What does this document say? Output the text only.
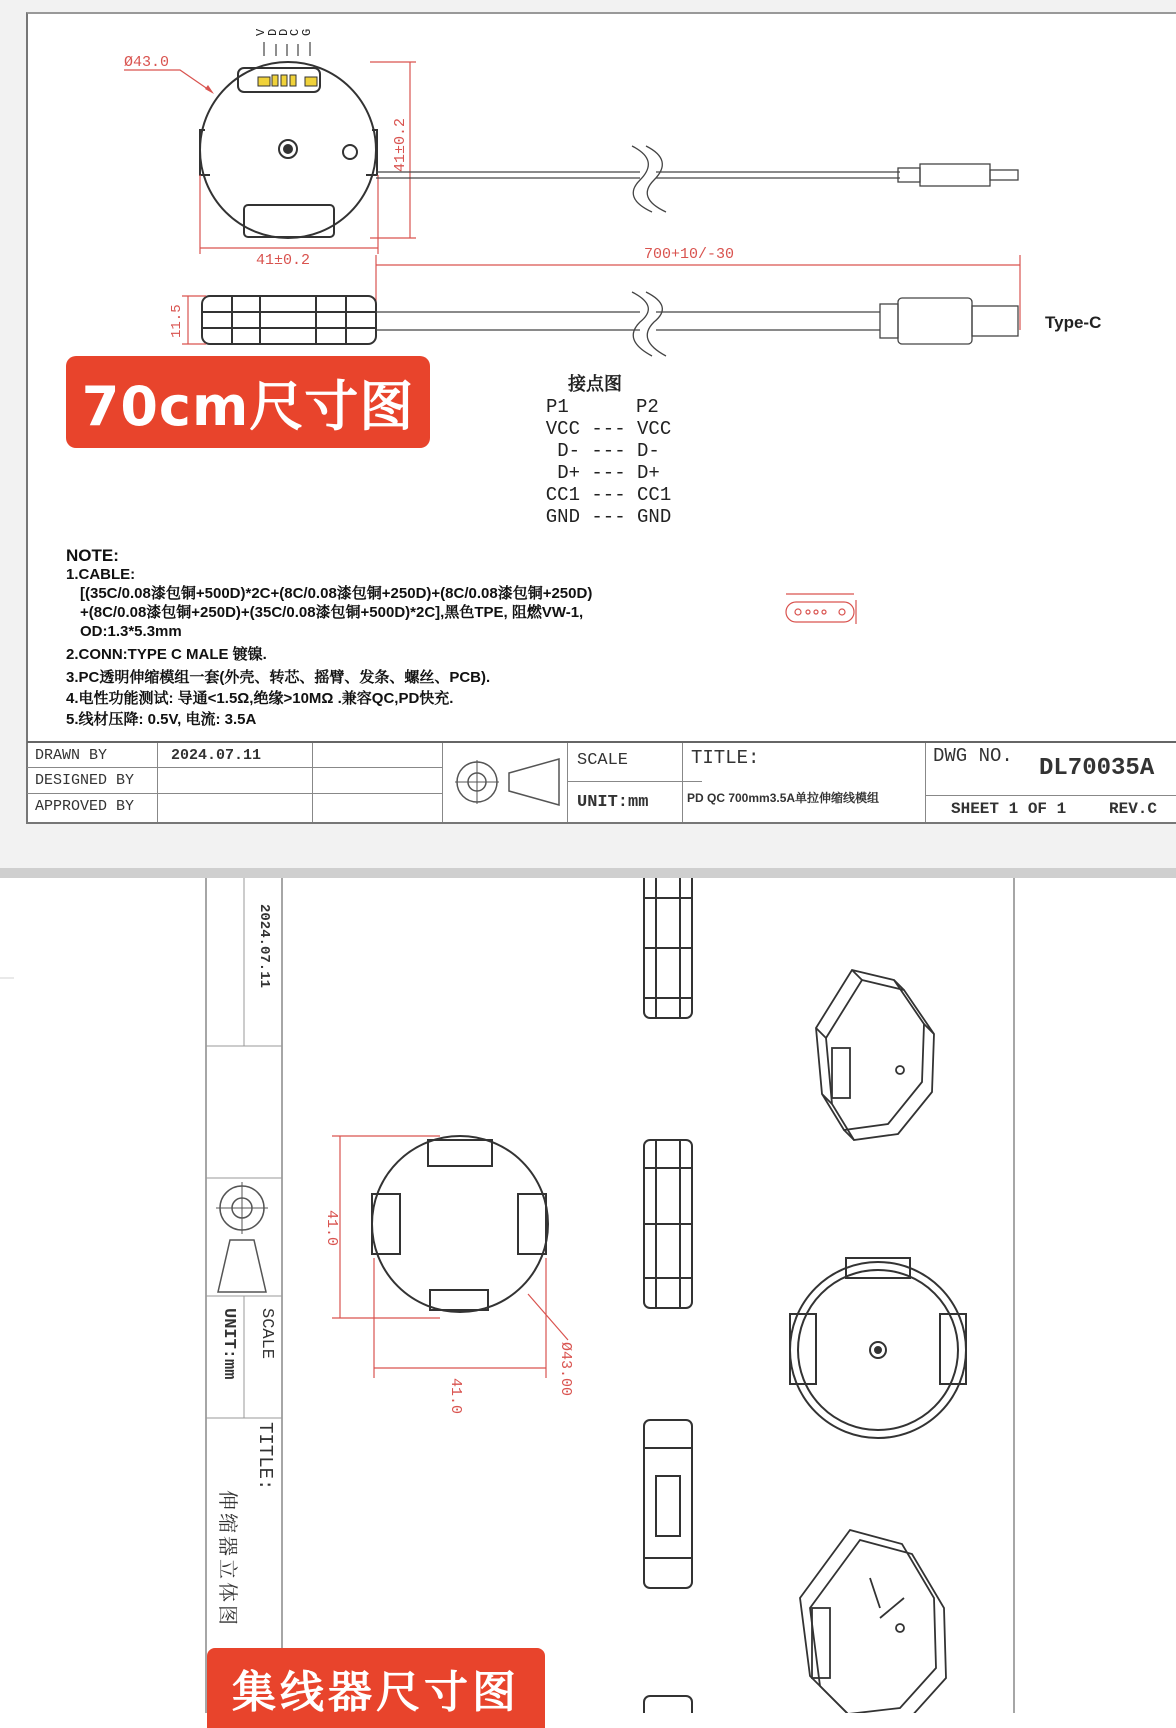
V
D
D
C
G
Ø43.0
41±0.2
41±0.2	700+10/-30
11.5	Type-C
70cm尺寸图	接点图
P1	P2
VCC --- VCC
D- --- D-
D+ --- D+
CC1 --- CC1
GND --- GND
NOTE:
1.CABLE:
[(35C/0.08漆包铜+500D)*2C+(8C/0.08漆包铜+250D)+(8C/0.08漆包铜+250D)
+(8C/0.08漆包铜+250D)+(35C/0.08漆包铜+500D)*2C],黑色TPE, 阻燃VW-1,
OD:1.3*5.3mm
2.CONN:TYPE C MALE 镀镍.
3.PC透明伸缩模组一套(外壳、转芯、摇臂、发条、螺丝、PCB).
4.电性功能测试: 导通<1.5Ω,绝缘>10MΩ .兼容QC,PD快充.
5.线材压降: 0.5V, 电流: 3.5A
DRAWN BY	2024.07.11
DESIGNED BY
APPROVED BY
SCALE
UNIT:mm
TITLE:
PD QC 700mm3.5A单拉伸缩线模组
DWG NO. DL70035A
SHEET 1 OF 1	REV.C
41.0
41.0	Ø43.00
2024.07.11
SCALE
UNIT:mm
TITLE:
伸缩器立体图
集线器尺寸图
